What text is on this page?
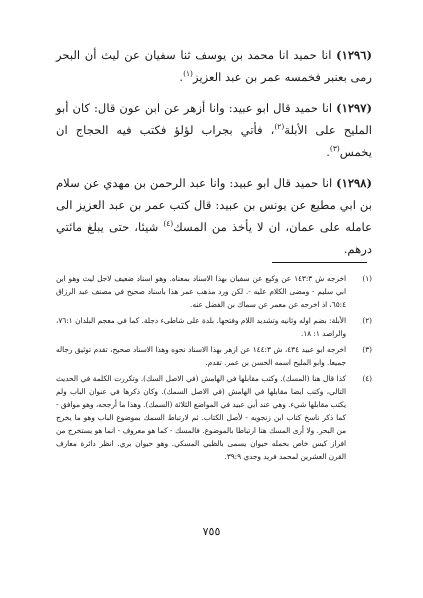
(١٢٩٦) انا حميد انا محمد بن يوسف ثنا سفيان عن ليث أن البحر رمى بعنبر فخمسه عمر بن عبد العزيز$^{(١)}$.

(١٢٩٧) انا حميد قال ابو عبيد: وانا أزهر عن ابن عون قال: كان أبو المليح على الأبلة$^{(٢)}$، فأتي بجراب لؤلؤ فكتب فيه الحجاج ان يخمس$^{(٣)}$.

(١٢٩٨) انا حميد قال ابو عبيد: وانا عبد الرحمن بن مهدي عن سلام بن ابي مطيع عن يونس بن عبيد: قال كتب عمر بن عبد العزيز الى عامله على عمان، ان لا يأخذ من المسك$^{(٤)}$ شيئا، حتى يبلغ مائتي درهم.

(١)
اخرجه ش ١٤٣:٣ عن وكيع عن سفيان بهذا الاسناد بمعناه. وهو اسناد ضعيف لاجل ليث وهو ابن ابي سليم - ومضى الكلام عليه -. لكن ورد مذهب عمر هذا باسناد صحيح في مصنف عبد الرزاق ٦٥:٤، اذ اخرجه عن معمر عن سماك بن الفضل عنه.
(٢)
الأبلة: بضم اوله وثانيه وتشديد اللام وفتحها. بلدة على شاطىء دجلة. كما في معجم البلدان ٧٦:١، والراصد ١: ١٨.
(٣)
اخرجه ابو عبيد ٤٣٤، ش ١٤٤:٣ عن ازهر بهذا الاسناد نحوه وهذا الاسناد صحيح، تقدم توثيق رجاله جميعا. وابو المليح اسمه الحسن بن عمر. تقدم.
(٤)
كذا قال هنا (المسك). وكتب مقابلها في الهامش (في الاصل السك). وتكررت الكلمة في الحديث التالي، وكتب ايضا مقابلها في الهامش (في الاصل السمك). وكان ذكرها في عنوان الباب ولم يكتب مقابلها شيء. وهي عند أبي عبيد في المواضع الثلاثة (السمك). وهذا ما أرجحه، وهو موافق - كما ذكر ناسخ كتاب ابن زنجويه - لأصل الكتاب. ثم لارتباط السمك بموضوع الباب وهو ما يخرج من البحر. ولا أرى المسك هنا ارتباطا بالموضوع. فالمسك - كما هو معروف - انما هو يستخرج من افراز كيس خاص بحمله حيوان يسمى بالظبي المسكي. وهو حيوان بري. انظر دائرة معارف القرن العشرين لمحمد فريد وجدي ٣٩:٩.
٧٥٥
